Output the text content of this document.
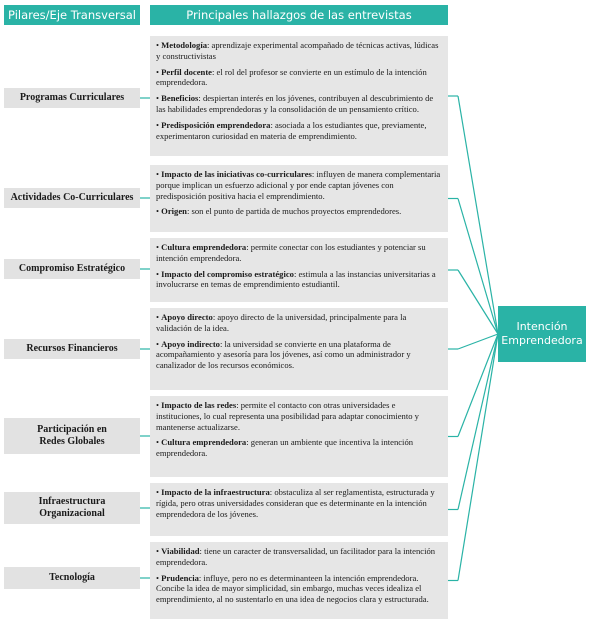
Pilares/Eje Transversal	Principales hallazgos de las entrevistas
Programas Curriculares
• Metodología: aprendizaje experimental acompañado de técnicas activas, lúdicas y constructivistas
• Perfil docente: el rol del profesor se convierte en un estímulo de la intención emprendedora.
• Beneficios: despiertan interés en los jóvenes, contribuyen al descubrimiento de las habilidades emprendedoras y la consolidación de un pensamiento crítico.
• Predisposición emprendedora: asociada a los estudiantes que, previamente, experimentaron curiosidad en materia de emprendimiento.
Actividades Co-Curriculares
• Impacto de las iniciativas co-curriculares: influyen de manera complementaria porque implican un esfuerzo adicional y por ende captan jóvenes con predisposición positiva hacia el emprendimiento.
• Origen: son el punto de partida de muchos proyectos emprendedores.
Compromiso Estratégico
• Cultura emprendedora: permite conectar con los estudiantes y potenciar su intención emprendedora.
• Impacto del compromiso estratégico: estimula a las instancias universitarias a involucrarse en temas de emprendimiento estudiantil.
Recursos Financieros
• Apoyo directo: apoyo directo de la universidad, principalmente para la validación de la idea.
• Apoyo indirecto: la universidad se convierte en una plataforma de acompañamiento y asesoría para los jóvenes, así como un administrador y canalizador de los recursos económicos.
Participación en
Redes Globales
• Impacto de las redes: permite el contacto con otras universidades e instituciones, lo cual representa una posibilidad para adaptar conocimiento y mantenerse actualizarse.
• Cultura emprendedora: generan un ambiente que incentiva la intención emprendedora.
Infraestructura
Organizacional
• Impacto de la infraestructura: obstaculiza al ser reglamentista, estructurada y rígida, pero otras universidades consideran que es determinante en la intención emprendedora de los jóvenes.
Tecnología
• Viabilidad: tiene un caracter de transversalidad, un facilitador para la intención emprendedora.
• Prudencia: influye, pero no es determinanteen la intención emprendedora. Concibe la idea de mayor simplicidad, sin embargo, muchas veces idealiza el emprendimiento, al no sustentarlo en una idea de negocios clara y estructurada.
Intención
Emprendedora
